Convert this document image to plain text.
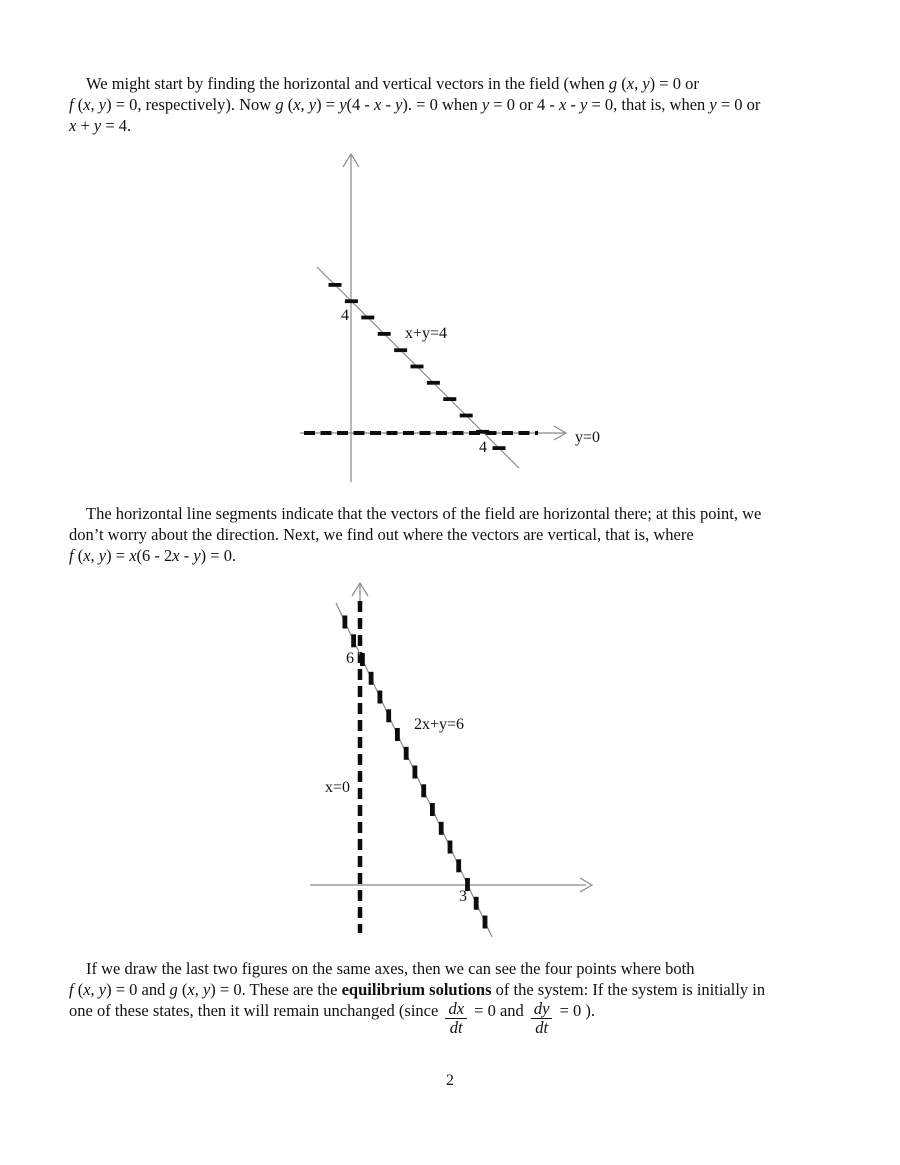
We might start by finding the horizontal and vertical vectors in the field (when g (x, y) = 0 or
f (x, y) = 0, respectively). Now g (x, y) = y(4 - x - y). = 0 when y = 0 or 4 - x - y = 0, that is, when y = 0 or
x + y = 4.
4
x+y=4
4
y=0
The horizontal line segments indicate that the vectors of the field are horizontal there; at this point, we
don’t worry about the direction. Next, we find out where the vectors are vertical, that is, where
f (x, y) = x(6 - 2x - y) = 0.
6
2x+y=6
x=0
3
If we draw the last two figures on the same axes, then we can see the four points where both
f (x, y) = 0 and g (x, y) = 0. These are the equilibrium solutions of the system: If the system is initially in
one of these states, then it will remain unchanged (since $\frac{dx}{dt} = 0$ and $\frac{dy}{dt} = 0$ ).
2
